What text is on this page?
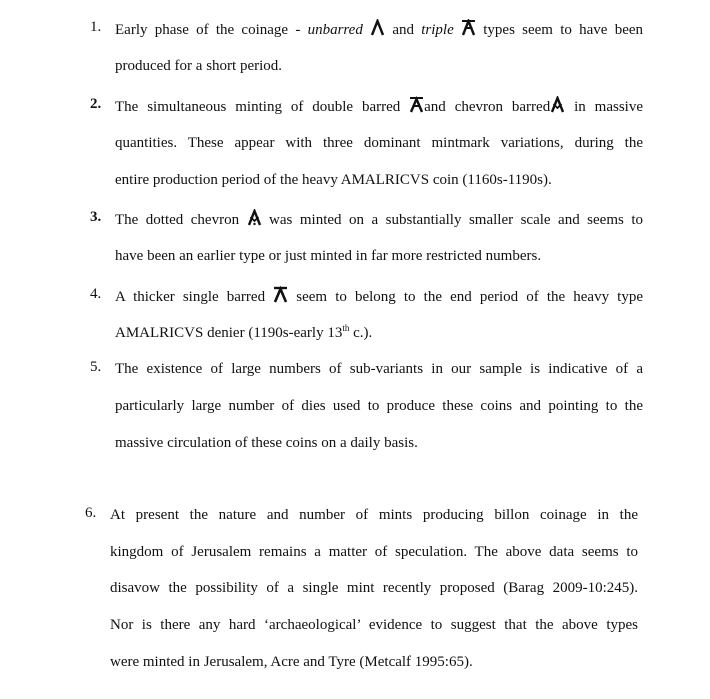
1. Early phase of the coinage - unbarred
and triple
types seem to have been
produced for a short period.
2. The simultaneous minting of double barred
and chevron barred
in massive
quantities. These appear with three dominant mintmark variations, during the
entire production period of the heavy AMALRICVS coin (1160s-1190s).
3. The dotted chevron
was minted on a substantially smaller scale and seems to
have been an earlier type or just minted in far more restricted numbers.
4. A thicker single barred
seem to belong to the end period of the heavy type
AMALRICVS denier (1190s-early 13th c.).
5. The existence of large numbers of sub-variants in our sample is indicative of a
particularly large number of dies used to produce these coins and pointing to the
massive circulation of these coins on a daily basis.
6. At present the nature and number of mints producing billon coinage in the
kingdom of Jerusalem remains a matter of speculation. The above data seems to
disavow the possibility of a single mint recently proposed (Barag 2009-10:245).
Nor is there any hard ‘archaeological’ evidence to suggest that the above types
were minted in Jerusalem, Acre and Tyre (Metcalf 1995:65).
